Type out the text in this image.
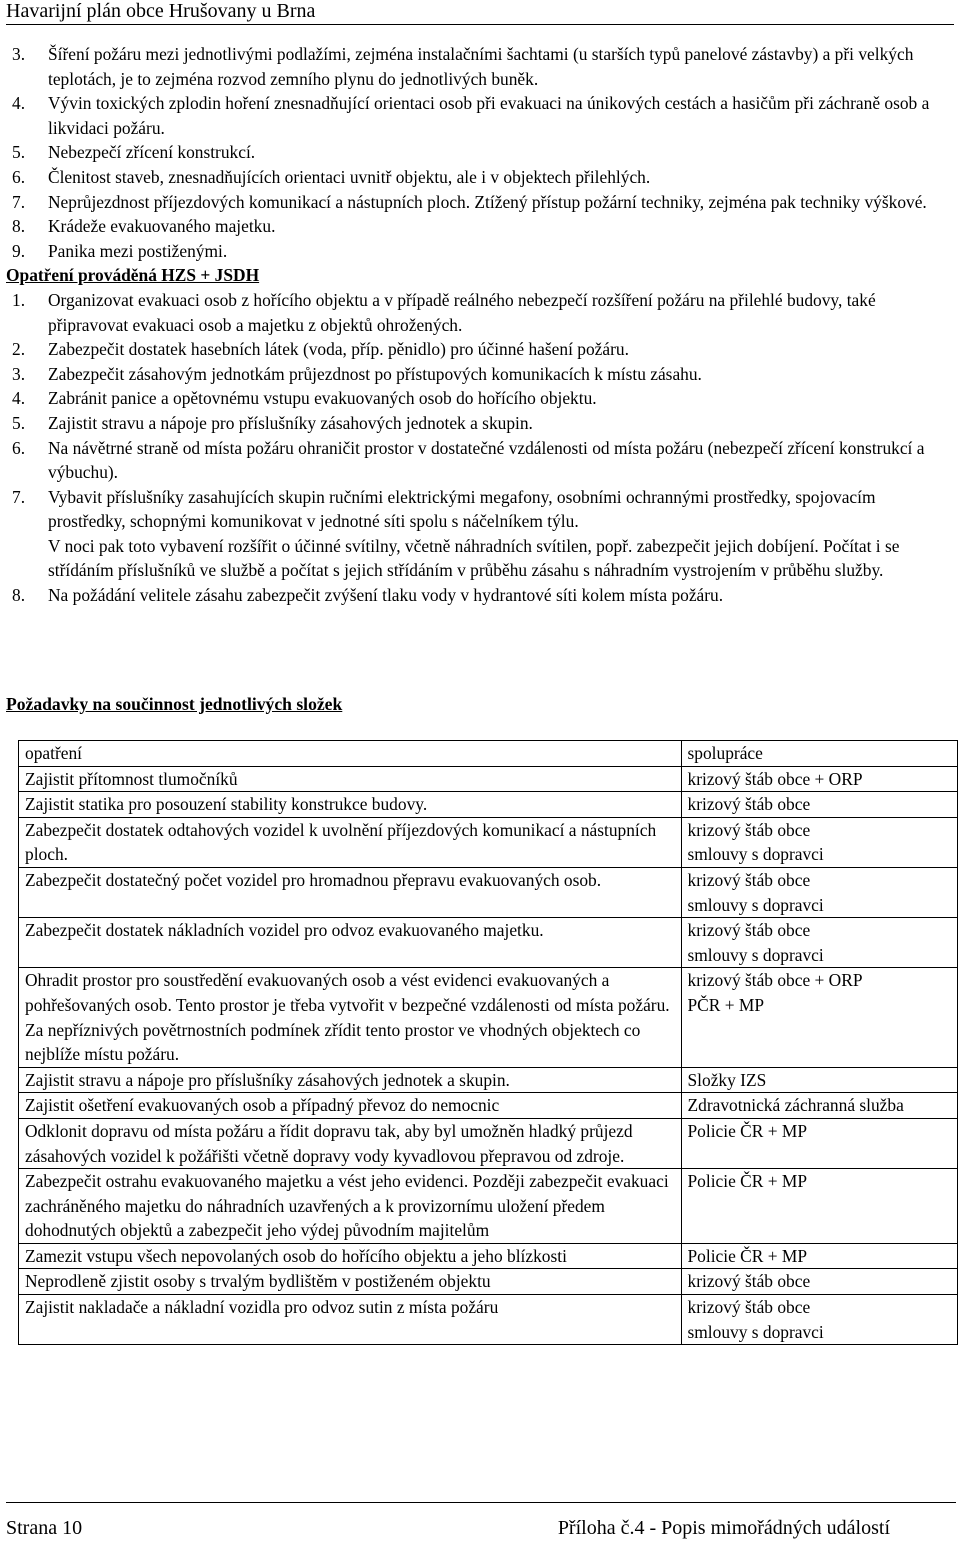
Havarijní plán obce Hrušovany u Brna
3. Šíření požáru mezi jednotlivými podlažími, zejména instalačními šachtami (u starších typů panelové zástavby) a při velkých teplotách, je to zejména rozvod zemního plynu do jednotlivých buněk.
4. Vývin toxických zplodin hoření znesnadňující orientaci osob při evakuaci na únikových cestách a hasičům při záchraně osob a likvidaci požáru.
5. Nebezpečí zřícení konstrukcí.
6. Členitost staveb, znesnadňujících orientaci uvnitř objektu, ale i v objektech přilehlých.
7. Neprůjezdnost příjezdových komunikací a nástupních ploch. Ztížený přístup požární techniky, zejména pak techniky výškové.
8. Krádeže evakuovaného majetku.
9. Panika mezi postiženými.

Opatření prováděná HZS + JSDH

1. Organizovat evakuaci osob z hořícího objektu a v případě reálného nebezpečí rozšíření požáru na přilehlé budovy, také připravovat evakuaci osob a majetku z objektů ohrožených.
2. Zabezpečit dostatek hasebních látek (voda, příp. pěnidlo) pro účinné hašení požáru.
3. Zabezpečit zásahovým jednotkám průjezdnost po přístupových komunikacích k místu zásahu.
4. Zabránit panice a opětovnému vstupu evakuovaných osob do hořícího objektu.
5. Zajistit stravu a nápoje pro příslušníky zásahových jednotek a skupin.
6. Na návětrné straně od místa požáru ohraničit prostor v dostatečné vzdálenosti od místa požáru (nebezpečí zřícení konstrukcí a výbuchu).
7. Vybavit příslušníky zasahujících skupin ručními elektrickými megafony, osobními ochrannými prostředky, spojovacím prostředky, schopnými komunikovat v jednotné síti spolu s náčelníkem týlu.
V noci pak toto vybavení rozšířit o účinné svítilny, včetně náhradních svítilen, popř. zabezpečit jejich dobíjení. Počítat i se střídáním příslušníků ve službě a počítat s jejich střídáním v průběhu zásahu s náhradním vystrojením v průběhu služby.
8. Na požádání velitele zásahu zabezpečit zvýšení tlaku vody v hydrantové síti kolem místa požáru.
Požadavky na součinnost jednotlivých složek
opatření	spolupráce
Zajistit přítomnost tlumočníků	krizový štáb obce + ORP

Zajistit statika pro posouzení stability konstrukce budovy.	krizový štáb obce

Zabezpečit dostatek odtahových vozidel k uvolnění příjezdových komunikací a nástupních ploch.	krizový štáb obce
smlouvy s dopravci

Zabezpečit dostatečný počet vozidel pro hromadnou přepravu evakuovaných osob.	krizový štáb obce
smlouvy s dopravci

Zabezpečit dostatek nákladních vozidel pro odvoz evakuovaného majetku.	krizový štáb obce
smlouvy s dopravci

Ohradit prostor pro soustředění evakuovaných osob a vést evidenci evakuovaných a pohřešovaných osob. Tento prostor je třeba vytvořit v bezpečné vzdálenosti od místa požáru. Za nepříznivých povětrnostních podmínek zřídit tento prostor ve vhodných objektech co nejblíže místu požáru.	krizový štáb obce + ORP
PČR + MP

Zajistit stravu a nápoje pro příslušníky zásahových jednotek a skupin.	Složky IZS

Zajistit ošetření evakuovaných osob a případný převoz do nemocnic	Zdravotnická záchranná služba

Odklonit dopravu od místa požáru a řídit dopravu tak, aby byl umožněn hladký průjezd zásahových vozidel k požářišti včetně dopravy vody kyvadlovou přepravou od zdroje.	Policie ČR + MP

Zabezpečit ostrahu evakuovaného majetku a vést jeho evidenci. Později zabezpečit evakuaci zachráněného majetku do náhradních uzavřených a k provizornímu uložení předem dohodnutých objektů a zabezpečit jeho výdej původním majitelům	Policie ČR + MP

Zamezit vstupu všech nepovolaných osob do hořícího objektu a jeho blízkosti	Policie ČR + MP

Neprodleně zjistit osoby s trvalým bydlištěm v postiženém objektu	krizový štáb obce

Zajistit nakladače a nákladní vozidla pro odvoz sutin z místa požáru	krizový štáb obce
smlouvy s dopravci
Strana 10	Příloha č.4 - Popis mimořádných událostí
